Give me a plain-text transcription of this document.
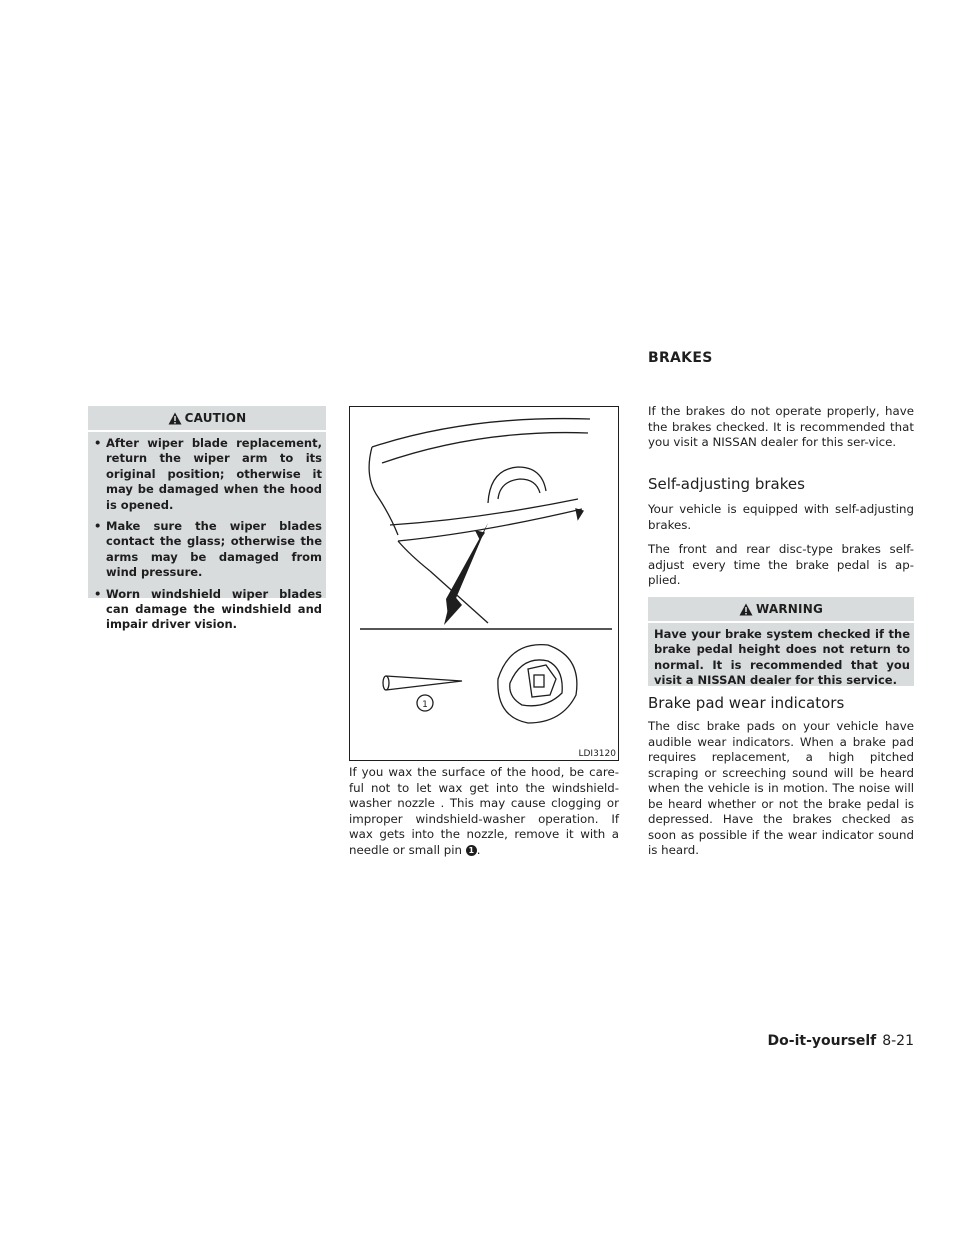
CAUTION
• After wiper blade replacement, return the wiper arm to its original position; otherwise it may be damaged when the hood is opened.
• Make sure the wiper blades contact the glass; otherwise the arms may be damaged from wind pressure.
• Worn windshield wiper blades can damage the windshield and impair driver vision.
1
LDI3120
If you wax the surface of the hood, be care-ful not to let wax get into the windshield-washer nozzle . This may cause clogging or improper windshield-washer operation. If wax gets into the nozzle, remove it with a needle or small pin 1 .
BRAKES
If the brakes do not operate properly, have the brakes checked. It is recommended that you visit a NISSAN dealer for this ser-vice.
Self-adjusting brakes
Your vehicle is equipped with self-adjusting brakes.
The front and rear disc-type brakes self-adjust every time the brake pedal is ap-plied.
WARNING
Have your brake system checked if the brake pedal height does not return to normal. It is recommended that you visit a NISSAN dealer for this service.
Brake pad wear indicators
The disc brake pads on your vehicle have audible wear indicators. When a brake pad requires replacement, a high pitched scraping or screeching sound will be heard when the vehicle is in motion. The noise will be heard whether or not the brake pedal is depressed. Have the brakes checked as soon as possible if the wear indicator sound is heard.
Do-it-yourself 8-21
